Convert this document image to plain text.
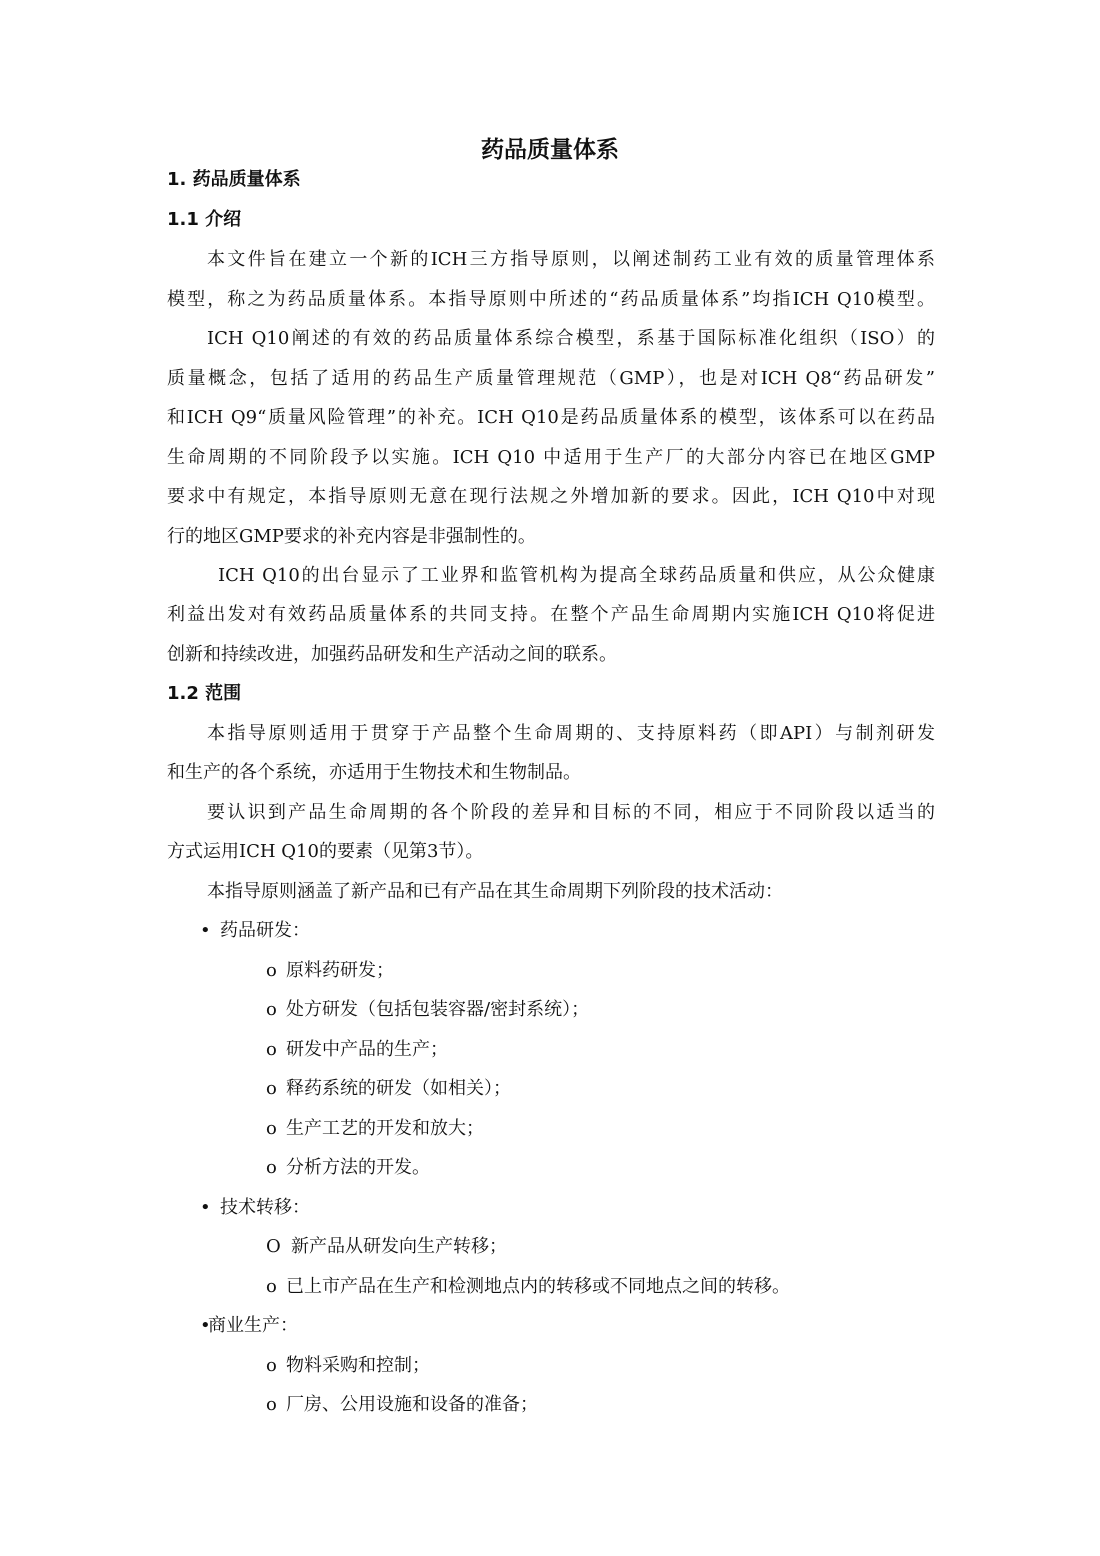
药品质量体系
1. 药品质量体系
1.1 介绍
本文件旨在建立一个新的ICH三方指导原则，以阐述制药工业有效的质量管理体系
模型，称之为药品质量体系。本指导原则中所述的“药品质量体系”均指ICH Q10模型。
ICH Q10阐述的有效的药品质量体系综合模型，系基于国际标准化组织（ISO）的
质量概念，包括了适用的药品生产质量管理规范（GMP），也是对ICH Q8“药品研发”
和ICH Q9“质量风险管理”的补充。ICH Q10是药品质量体系的模型，该体系可以在药品
生命周期的不同阶段予以实施。ICH Q10 中适用于生产厂的大部分内容已在地区GMP
要求中有规定，本指导原则无意在现行法规之外增加新的要求。因此，ICH Q10中对现
行的地区GMP要求的补充内容是非强制性的。
ICH Q10的出台显示了工业界和监管机构为提高全球药品质量和供应，从公众健康
利益出发对有效药品质量体系的共同支持。在整个产品生命周期内实施ICH Q10将促进
创新和持续改进，加强药品研发和生产活动之间的联系。
1.2 范围
本指导原则适用于贯穿于产品整个生命周期的、支持原料药（即API）与制剂研发
和生产的各个系统，亦适用于生物技术和生物制品。
要认识到产品生命周期的各个阶段的差异和目标的不同，相应于不同阶段以适当的
方式运用ICH Q10的要素（见第3节）。
本指导原则涵盖了新产品和已有产品在其生命周期下列阶段的技术活动：
• 药品研发：
o 原料药研发；
o 处方研发（包括包装容器/密封系统）；
o 研发中产品的生产；
o 释药系统的研发（如相关）；
o 生产工艺的开发和放大；
o 分析方法的开发。
• 技术转移：
O 新产品从研发向生产转移；
o 已上市产品在生产和检测地点内的转移或不同地点之间的转移。
•商业生产：
o 物料采购和控制；
o 厂房、公用设施和设备的准备；
